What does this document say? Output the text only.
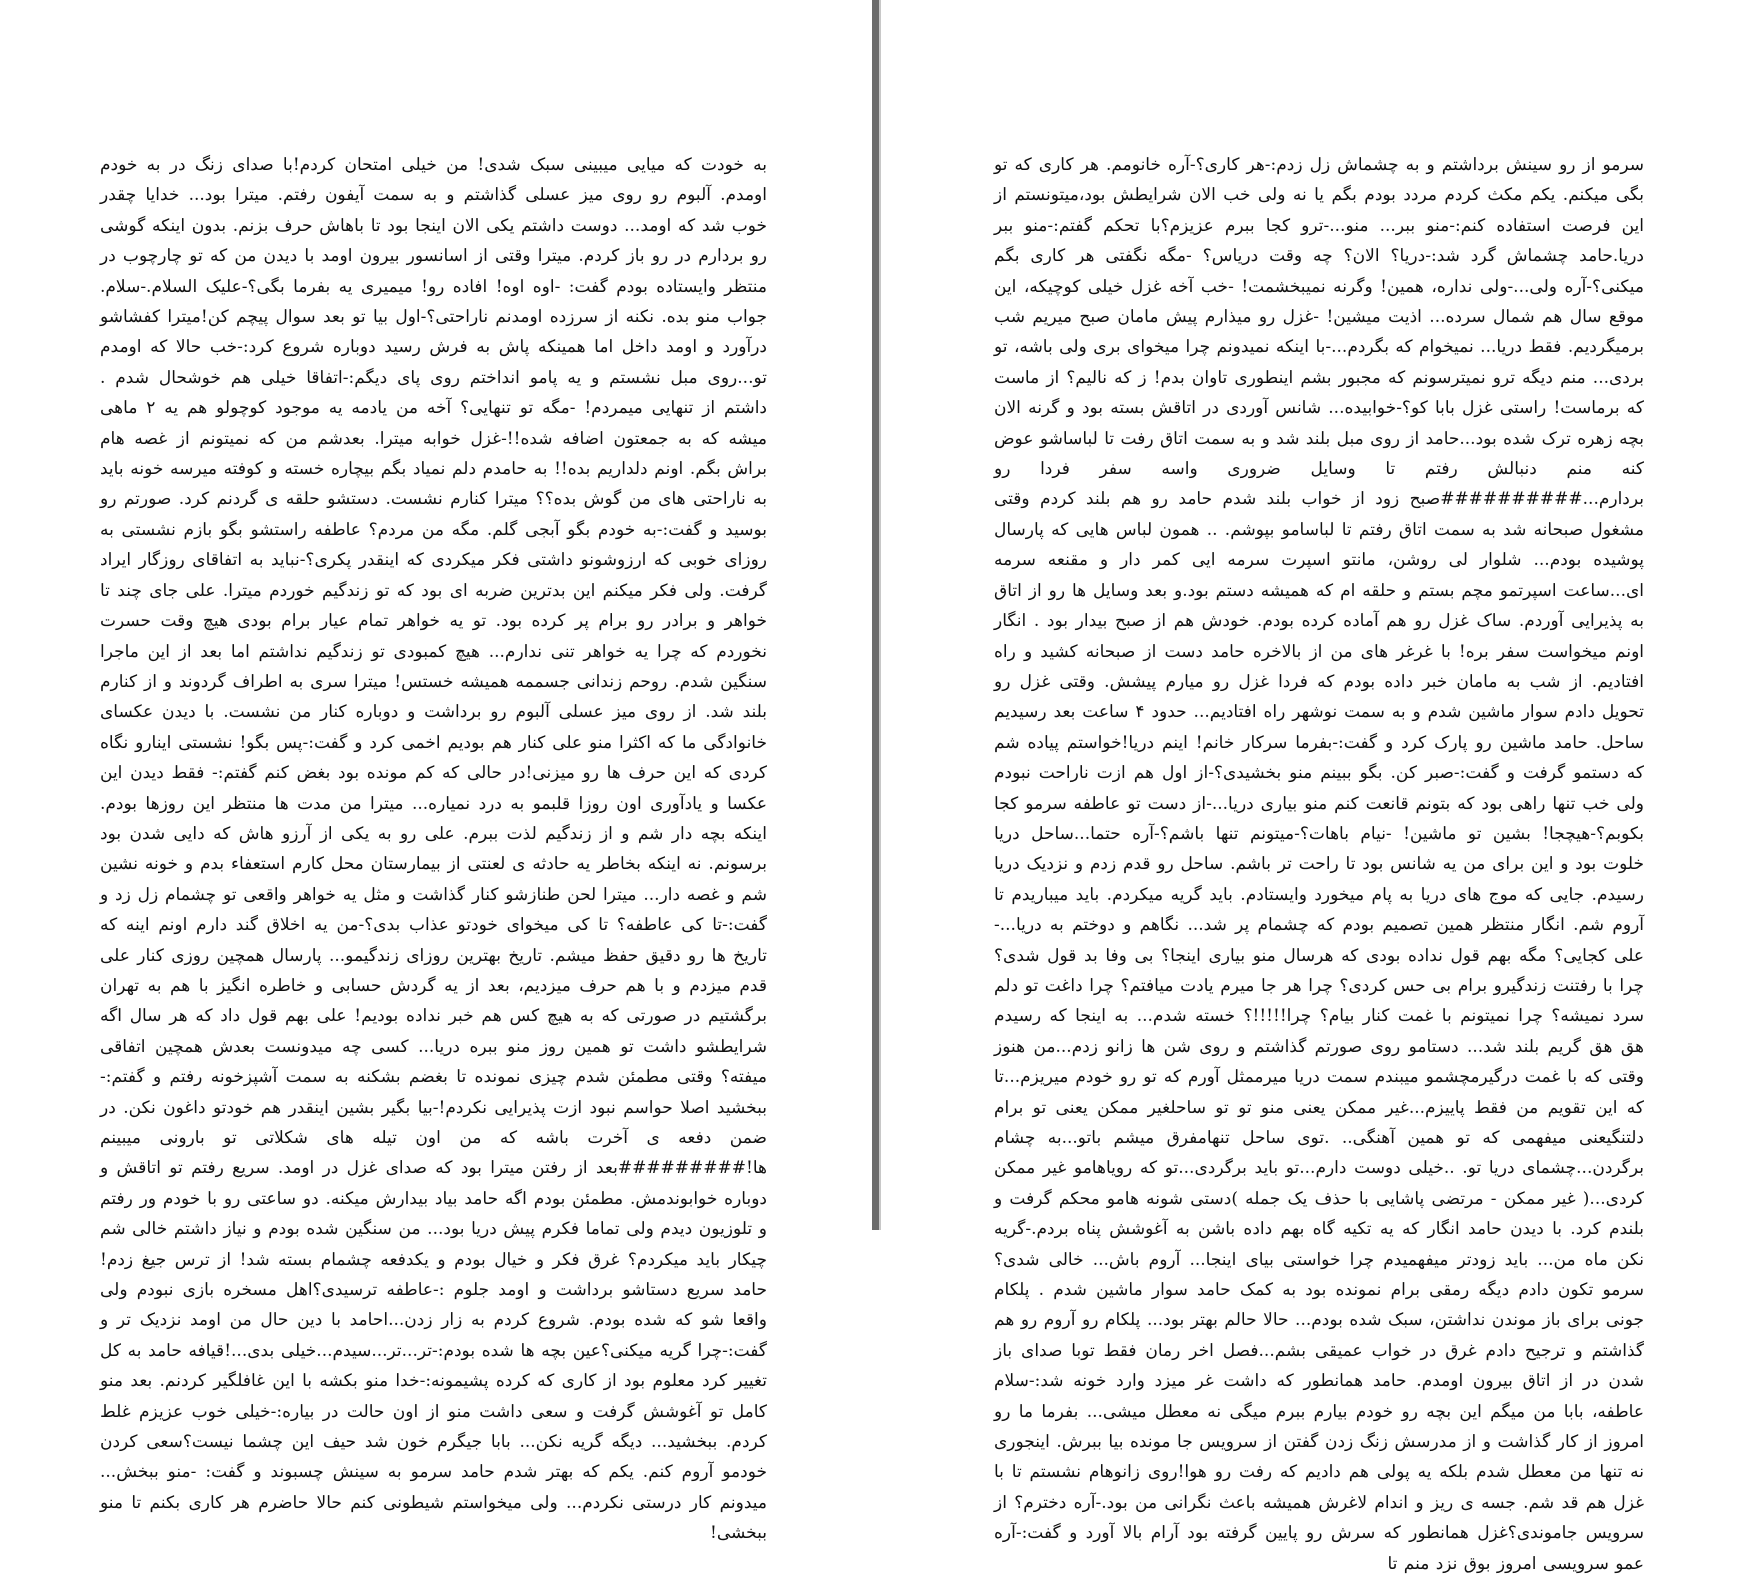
به خودت که میایی میبینی سبک شدی! من خیلی امتحان کردم!با صدای زنگ در به خودم اومدم. آلبوم رو روی میز عسلی گذاشتم و به سمت آیفون رفتم. میترا بود... خدایا چقدر خوب شد که اومد... دوست داشتم یکی الان اینجا بود تا باهاش حرف بزنم. بدون اینکه گوشی رو بردارم در رو باز کردم. میترا وقتی از اسانسور بیرون اومد با دیدن من که تو چارچوب در منتظر وایستاده بودم گفت: -اوه اوه! افاده رو! میمیری یه بفرما بگی؟-علیک السلام.-سلام. جواب منو بده. نکنه از سرزده اومدنم ناراحتی؟-اول بیا تو بعد سوال پیچم کن!میترا کفشاشو درآورد و اومد داخل اما همینکه پاش به فرش رسید دوباره شروع کرد:-خب حالا که اومدم تو...روی مبل نشستم و یه پامو انداختم روی پای دیگم:-اتفاقا خیلی هم خوشحال شدم . داشتم از تنهایی میمردم! -مگه تو تنهایی؟ آخه من یادمه یه موجود کوچولو هم یه ۲ ماهی میشه که به جمعتون اضافه شده!!-غزل خوابه میترا. بعدشم من که نمیتونم از غصه هام براش بگم. اونم دلداریم بده!! به حامدم دلم نمیاد بگم بیچاره خسته و کوفته میرسه خونه باید به ناراحتی های من گوش بده؟؟ میترا کنارم نشست. دستشو حلقه ی گردنم کرد. صورتم رو بوسید و گفت:-به خودم بگو آبجی گلم. مگه من مردم؟ عاطفه راستشو بگو بازم نشستی به روزای خوبی که ارزوشونو داشتی فکر میکردی که اینقدر پکری؟-نباید به اتفاقای روزگار ایراد گرفت. ولی فکر میکنم این بدترین ضربه ای بود که تو زندگیم خوردم میترا. علی جای چند تا خواهر و برادر رو برام پر کرده بود. تو یه خواهر تمام عیار برام بودی هیچ وقت حسرت نخوردم که چرا یه خواهر تنی ندارم... هیچ کمبودی تو زندگیم نداشتم اما بعد از این ماجرا سنگین شدم. روحم زندانی جسممه همیشه خستس! میترا سری به اطراف گردوند و از کنارم بلند شد. از روی میز عسلی آلبوم رو برداشت و دوباره کنار من نشست. با دیدن عکسای خانوادگی ما که اکثرا منو علی کنار هم بودیم اخمی کرد و گفت:-پس بگو! نشستی اینارو نگاه کردی که این حرف ها رو میزنی!در حالی که کم مونده بود بغض کنم گفتم:- فقط دیدن این عکسا و یادآوری اون روزا قلبمو به درد نمیاره... میترا من مدت ها منتظر این روزها بودم. اینکه بچه دار شم و از زندگیم لذت ببرم. علی رو به یکی از آرزو هاش که دایی شدن بود برسونم. نه اینکه بخاطر یه حادثه ی لعنتی از بیمارستان محل کارم استعفاء بدم و خونه نشین شم و غصه دار... میترا لحن طنازشو کنار گذاشت و مثل یه خواهر واقعی تو چشمام زل زد و گفت:-تا کی عاطفه؟ تا کی میخوای خودتو عذاب بدی؟-من یه اخلاق گند دارم اونم اینه که تاریخ ها رو دقیق حفظ میشم. تاریخ بهترین روزای زندگیمو... پارسال همچین روزی کنار علی قدم میزدم و با هم حرف میزدیم، بعد از یه گردش حسابی و خاطره انگیز با هم به تهران برگشتیم در صورتی که به هیچ کس هم خبر نداده بودیم! علی بهم قول داد که هر سال اگه شرایطشو داشت تو همین روز منو ببره دریا... کسی چه میدونست بعدش همچین اتفاقی میفته؟ وقتی مطمئن شدم چیزی نمونده تا بغضم بشکنه به سمت آشپزخونه رفتم و گفتم:-ببخشید اصلا حواسم نبود ازت پذیرایی نکردم!-بیا بگیر بشین اینقدر هم خودتو داغون نکن. در ضمن دفعه ی آخرت باشه که من اون تیله های شکلاتی تو بارونی میبینم ها!#########بعد از رفتن میترا بود که صدای غزل در اومد. سریع رفتم تو اتاقش و دوباره خوابوندمش. مطمئن بودم اگه حامد بیاد بیدارش میکنه. دو ساعتی رو با خودم ور رفتم و تلوزیون دیدم ولی تماما فکرم پیش دریا بود... من سنگین شده بودم و نیاز داشتم خالی شم چیکار باید میکردم؟ غرق فکر و خیال بودم و یکدفعه چشمام بسته شد! از ترس جیغ زدم! حامد سریع دستاشو برداشت و اومد جلوم :-عاطفه ترسیدی؟اهل مسخره بازی نبودم ولی واقعا شو که شده بودم. شروع کردم به زار زدن...احامد با دین حال من اومد نزدیک تر و گفت:-چرا گریه میکنی؟عین بچه ها شده بودم:-تر...تر...سیدم...خیلی بدی...!قیافه حامد به کل تغییر کرد معلوم بود از کاری که کرده پشیمونه:-خدا منو بکشه با این غافلگیر کردنم. بعد منو کامل تو آغوشش گرفت و سعی داشت منو از اون حالت در بیاره:-خیلی خوب عزیزم غلط کردم. ببخشید... دیگه گریه نکن... بابا جیگرم خون شد حیف این چشما نیست؟سعی کردن خودمو آروم کنم. یکم که بهتر شدم حامد سرمو به سینش چسبوند و گفت: -منو ببخش... میدونم کار درستی نکردم... ولی میخواستم شیطونی کنم حالا حاضرم هر کاری بکنم تا منو ببخشی!
سرمو از رو سینش برداشتم و به چشماش زل زدم:-هر کاری؟-آره خانومم. هر کاری که تو بگی میکنم. یکم مکث کردم مردد بودم بگم یا نه ولی خب الان شرایطش بود،میتونستم از این فرصت استفاده کنم:-منو ببر... منو...-ترو کجا ببرم عزیزم؟با تحکم گفتم:-منو ببر دریا.حامد چشماش گرد شد:-دریا؟ الان؟ چه وقت دریاس؟ -مگه نگفتی هر کاری بگم میکنی؟-آره ولی...-ولی نداره، همین! وگرنه نمیبخشمت! -خب آخه غزل خیلی کوچیکه، این موقع سال هم شمال سرده... اذیت میشین! -غزل رو میذارم پیش مامان صبح میریم شب برمیگردیم. فقط دریا... نمیخوام که بگردم...-با اینکه نمیدونم چرا میخوای بری ولی باشه، تو بردی... منم دیگه ترو نمیترسونم که مجبور بشم اینطوری تاوان بدم! ز که نالیم؟ از ماست که برماست! راستی غزل بابا کو؟-خوابیده... شانس آوردی در اتاقش بسته بود و گرنه الان بچه زهره ترک شده بود...حامد از روی مبل بلند شد و به سمت اتاق رفت تا لباساشو عوض کنه منم دنبالش رفتم تا وسایل ضروری واسه سفر فردا رو بردارم...##########صبح زود از خواب بلند شدم حامد رو هم بلند کردم وقتی مشغول صبحانه شد به سمت اتاق رفتم تا لباسامو بپوشم. .. همون لباس هایی که پارسال پوشیده بودم... شلوار لی روشن، مانتو اسپرت سرمه ایی کمر دار و مقنعه سرمه ای...ساعت اسپرتمو م‍چم بستم و حلقه ام که همیشه دستم بود.و بعد وسایل ها رو از اتاق به پذیرایی آوردم. ساک غزل رو هم آماده کرده بودم. خودش هم از صبح بیدار بود . انگار اونم میخواست سفر بره! با غرغر های من از بالاخره حامد دست از صبحانه کشید و راه افتادیم. از شب به مامان خبر داده بودم که فردا غزل رو میارم پیشش. وقتی غزل رو تحویل دادم سوار ماشین شدم و به سمت نوشهر راه افتادیم... حدود ۴ ساعت بعد رسیدیم ساحل. حامد ماشین رو پارک کرد و گفت:-بفرما سرکار خانم! اینم دریا!خواستم پیاده شم که دستمو گرفت و گفت:-صبر کن. بگو ببینم منو بخشیدی؟-از اول هم ازت ناراحت نبودم ولی خب تنها راهی بود که بتونم قانعت کنم منو بیاری دریا...-از دست تو عاطفه سرمو کجا بکوبم؟-هیچجا! بشین تو ماشین! -نیام باهات؟-میتونم تنها باشم؟-آره حتما...ساحل دریا خلوت بود و این برای من یه شانس بود تا راحت تر باشم. ساحل رو قدم زدم و نزدیک دریا رسیدم. جایی که موج های دریا به پام میخورد وایستادم. باید گریه میکردم. باید میباریدم تا آروم شم. انگار منتظر همین تصمیم بودم که چشمام پر شد... نگاهم و دوختم به دریا...-علی کجایی؟ مگه بهم قول نداده بودی که هرسال منو بیاری اینجا؟ بی وفا بد قول شدی؟ چرا با رفتنت زندگیرو برام بی حس کردی؟ چرا هر جا میرم یادت میافتم؟ چرا داغت تو دلم سرد نمیشه؟ چرا نمیتونم با غمت کنار بیام؟ چرا!!!!!؟ خسته شدم... به اینجا که رسیدم هق هق گریم بلند شد... دستامو روی صورتم گذاشتم و روی شن ها زانو زدم...من هنوز وقتی که با غمت درگیرمچشمو میبندم سمت دریا میرممثل آورم که تو رو خودم میریزم...تا که این تقویم من فقط پاییزم...غیر ممکن یعنی منو تو تو ساحلغیر ممکن یعنی تو برام دلتنگیعنی میفهمی که تو همین آهنگی.. .توی ساحل تنهامفرق میشم باتو...به چشام برگردن...چشمای دریا تو. ..خیلی دوست دارم...تو باید برگردی...تو که رویاهامو غیر ممکن کردی...( غیر ممکن - مرتضی پاشایی با حذف یک جمله )دستی شونه هامو محکم گرفت و بلندم کرد. با دیدن حامد انگار که یه تکیه گاه بهم داده باشن به آغوشش پناه بردم.-گریه نکن ماه من... باید زودتر میفهمیدم چرا خواستی بیای اینجا... آروم باش... خالی شدی؟سرمو تکون دادم دیگه رمقی برام نمونده بود به کمک حامد سوار ماشین شدم . پلکام جونی برای باز موندن نداشتن، سبک شده بودم... حالا حالم بهتر بود... پلکام رو آروم رو هم گذاشتم و ترجیح دادم غرق در خواب عمیقی بشم...فصل اخر رمان فقط توبا صدای باز شدن در از اتاق بیرون اومدم. حامد همانطور که داشت غر میزد وارد خونه شد:-سلام عاطفه، بابا من میگم این بچه رو خودم بیارم ببرم میگی نه معطل میشی... بفرما ما رو امروز از کار گذاشت و از مدرسش زنگ زدن گفتن از سرویس جا مونده بیا ببرش. اینجوری نه تنها من معطل شدم بلکه یه پولی هم دادیم که رفت رو هوا!روی زانوهام نشستم تا با غزل هم قد شم. جسه ی ریز و اندام لاغرش همیشه باعث نگرانی من بود.-آره دخترم؟ از سرویس جاموندی؟غزل همانطور که سرش رو پایین گرفته بود آرام بالا آورد و گفت:-آره عمو سرویسی امروز بوق نزد منم تا
